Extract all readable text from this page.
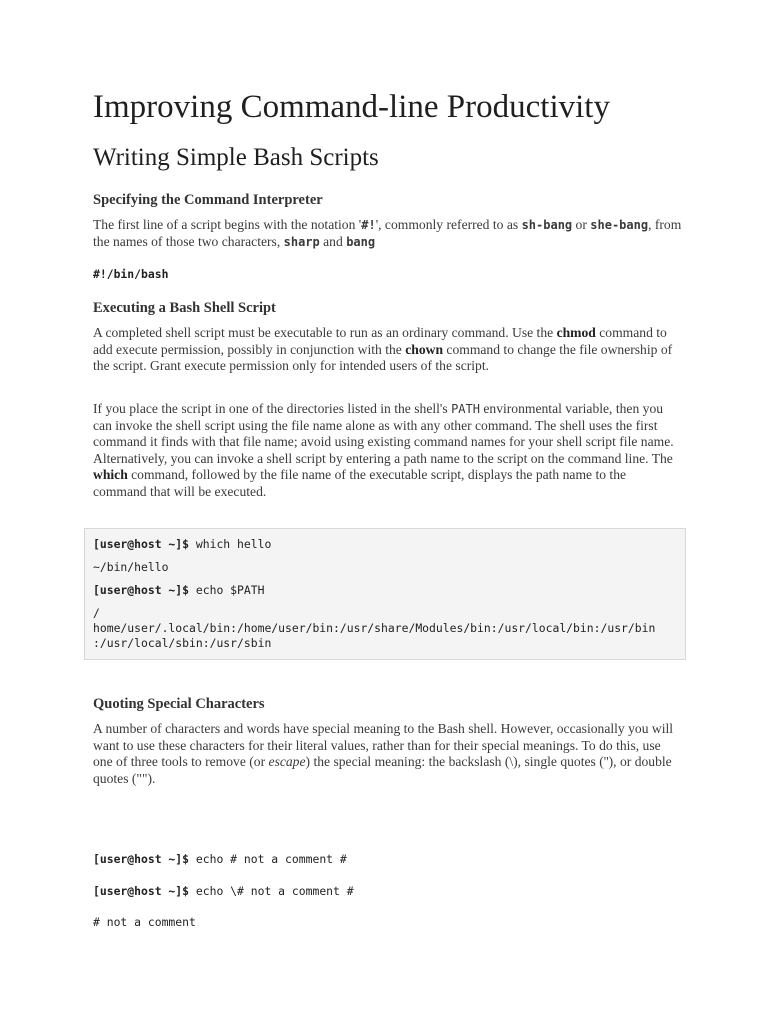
Improving Command-line Productivity
Writing Simple Bash Scripts
Specifying the Command Interpreter
The first line of a script begins with the notation '#!', commonly referred to as sh-bang or she-bang, from the names of those two characters, sharp and bang
#!/bin/bash
Executing a Bash Shell Script
A completed shell script must be executable to run as an ordinary command. Use the chmod command to add execute permission, possibly in conjunction with the chown command to change the file ownership of the script. Grant execute permission only for intended users of the script.
If you place the script in one of the directories listed in the shell's PATH environmental variable, then you can invoke the shell script using the file name alone as with any other command. The shell uses the first command it finds with that file name; avoid using existing command names for your shell script file name. Alternatively, you can invoke a shell script by entering a path name to the script on the command line. The which command, followed by the file name of the executable script, displays the path name to the command that will be executed.
[user@host ~]$ which hello
~/bin/hello
[user@host ~]$ echo $PATH
/
home/user/.local/bin:/home/user/bin:/usr/share/Modules/bin:/usr/local/bin:/usr/bin
:/usr/local/sbin:/usr/sbin
Quoting Special Characters
A number of characters and words have special meaning to the Bash shell. However, occasionally you will want to use these characters for their literal values, rather than for their special meanings. To do this, use one of three tools to remove (or escape) the special meaning: the backslash (\), single quotes (''), or double quotes ("").
[user@host ~]$ echo # not a comment #
[user@host ~]$ echo \# not a comment #
# not a comment
